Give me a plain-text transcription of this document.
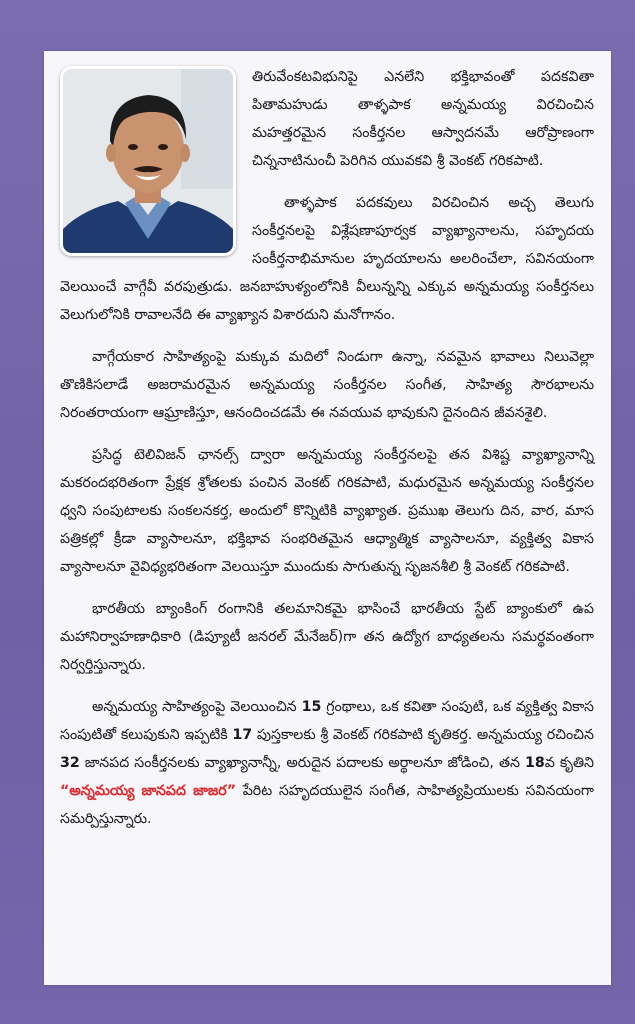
తిరువేంకటవిభునిపై ఎనలేని భక్తిభావంతో పదకవితా పితామహుడు తాళ్ళపాక అన్నమయ్య విరచించిన మహత్తరమైన సంకీర్తనల ఆస్వాదనమే ఆరోప్రాణంగా చిన్ననాటినుంచీ పెరిగిన యువకవి శ్రీ వెంకట్ గరికపాటి.

తాళ్ళపాక పదకవులు విరచించిన అచ్చ తెలుగు సంకీర్తనలపై విశ్లేషణాపూర్వక వ్యాఖ్యానాలను, సహృదయ సంకీర్తనాభిమానుల హృదయాలను అలరించేలా, సవినయంగా వెలయించే వాగ్గేవీ వరపుత్రుడు. జనబాహుళ్యంలోనికి వీలున్నన్ని ఎక్కువ అన్నమయ్య సంకీర్తనలు వెలుగులోనికి రావాలనేది ఈ వ్యాఖ్యాన విశారదుని మనోగానం.

వాగ్గేయకార సాహిత్యంపై మక్కువ మదిలో నిండుగా ఉన్నా, నవమైన భావాలు నిలువెల్లా తొణికిసలాడే అజరామరమైన అన్నమయ్య సంకీర్తనల సంగీత, సాహిత్య సౌరభాలను నిరంతరాయంగా ఆఘ్రాణిస్తూ, ఆనందించడమే ఈ నవయువ భావుకుని దైనందిన జీవనశైలి.

ప్రసిద్ధ టెలివిజన్ ఛానల్స్ ద్వారా అన్నమయ్య సంకీర్తనలపై తన విశిష్ట వ్యాఖ్యానాన్ని మకరందభరితంగా ప్రేక్షక శ్రోతలకు పంచిన వెంకట్ గరికపాటి, మధురమైన అన్నమయ్య సంకీర్తనల ధ్వని సంపుటాలకు సంకలనకర్త, అందులో కొన్నిటికి వ్యాఖ్యాత. ప్రముఖ తెలుగు దిన, వార, మాస పత్రికల్లో క్రీడా వ్యాసాలనూ, భక్తిభావ సంభరితమైన ఆధ్యాత్మిక వ్యాసాలనూ, వ్యక్తిత్వ వికాస వ్యాసాలనూ వైవిధ్యభరితంగా వెలయిస్తూ ముందుకు సాగుతున్న సృజనశీలి శ్రీ వెంకట్ గరికపాటి.

భారతీయ బ్యాంకింగ్ రంగానికి తలమానికమై భాసించే భారతీయ స్టేట్ బ్యాంకులో ఉప మహానిర్వాహణాధికారి (డిప్యూటీ జనరల్ మేనేజర్)గా తన ఉద్యోగ బాధ్యతలను సమర్థవంతంగా నిర్వర్తిస్తున్నారు.

అన్నమయ్య సాహిత్యంపై వెలయించిన 15 గ్రంథాలు, ఒక కవితా సంపుటి, ఒక వ్యక్తిత్వ వికాస సంపుటితో కలుపుకుని ఇప్పటికి 17 పుస్తకాలకు శ్రీ వెంకట్ గరికపాటి కృతికర్త. అన్నమయ్య రచించిన 32 జానపద సంకీర్తనలకు వ్యాఖ్యానాన్నీ, అరుదైన పదాలకు అర్థాలనూ జోడించి, తన 18వ కృతిని “అన్నమయ్య జానపద జాజర” పేరిట సహృదయులైన సంగీత, సాహిత్యప్రియులకు సవినయంగా సమర్పిస్తున్నారు.
